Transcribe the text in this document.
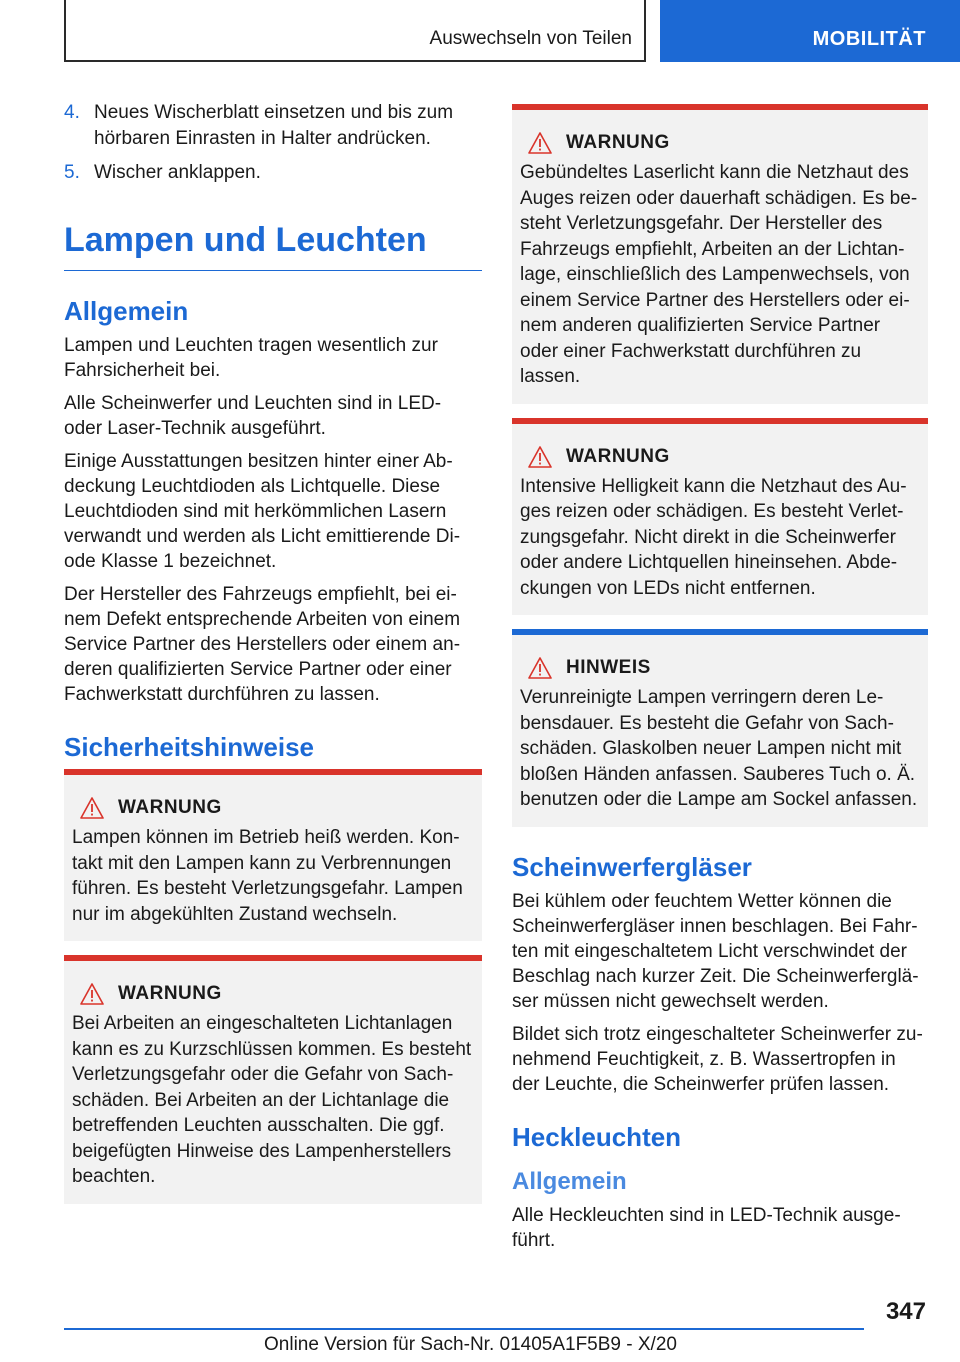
Auswechseln von Teilen	MOBILITÄT
4. Neues Wischerblatt einsetzen und bis zum hörbaren Einrasten in Halter andrücken.
5. Wischer anklappen.
Lampen und Leuchten
Allgemein

Lampen und Leuchten tragen wesentlich zur Fahrsicherheit bei.

Alle Scheinwerfer und Leuchten sind in LED- oder Laser-Technik ausgeführt.

Einige Ausstattungen besitzen hinter einer Abdeckung Leuchtdioden als Lichtquelle. Diese Leuchtdioden sind mit herkömmlichen Lasern verwandt und werden als Licht emittierende Diode Klasse 1 bezeichnet.

Der Hersteller des Fahrzeugs empfiehlt, bei einem Defekt entsprechende Arbeiten von einem Service Partner des Herstellers oder einem anderen qualifizierten Service Partner oder einer Fachwerkstatt durchführen zu lassen.

Sicherheitshinweise
WARNUNG

Lampen können im Betrieb heiß werden. Kontakt mit den Lampen kann zu Verbrennungen führen. Es besteht Verletzungsgefahr. Lampen nur im abgekühlten Zustand wechseln.

WARNUNG

Bei Arbeiten an eingeschalteten Lichtanlagen kann es zu Kurzschlüssen kommen. Es besteht Verletzungsgefahr oder die Gefahr von Sachschäden. Bei Arbeiten an der Lichtanlage die betreffenden Leuchten ausschalten. Die ggf. beigefügten Hinweise des Lampenherstellers beachten.

WARNUNG

Gebündeltes Laserlicht kann die Netzhaut des Auges reizen oder dauerhaft schädigen. Es besteht Verletzungsgefahr. Der Hersteller des Fahrzeugs empfiehlt, Arbeiten an der Lichtanlage, einschließlich des Lampenwechsels, von einem Service Partner des Herstellers oder einem anderen qualifizierten Service Partner oder einer Fachwerkstatt durchführen zu lassen.

WARNUNG

Intensive Helligkeit kann die Netzhaut des Auges reizen oder schädigen. Es besteht Verletzungsgefahr. Nicht direkt in die Scheinwerfer oder andere Lichtquellen hineinsehen. Abdeckungen von LEDs nicht entfernen.

HINWEIS

Verunreinigte Lampen verringern deren Lebensdauer. Es besteht die Gefahr von Sachschäden. Glaskolben neuer Lampen nicht mit bloßen Händen anfassen. Sauberes Tuch o. Ä. benutzen oder die Lampe am Sockel anfassen.

Scheinwerfergläser

Bei kühlem oder feuchtem Wetter können die Scheinwerfergläser innen beschlagen. Bei Fahrten mit eingeschaltetem Licht verschwindet der Beschlag nach kurzer Zeit. Die Scheinwerfergläser müssen nicht gewechselt werden.

Bildet sich trotz eingeschalteter Scheinwerfer zunehmend Feuchtigkeit, z. B. Wassertropfen in der Leuchte, die Scheinwerfer prüfen lassen.

Heckleuchten
Allgemein

Alle Heckleuchten sind in LED-Technik ausgeführt.

347
Online Version für Sach-Nr. 01405A1F5B9 - X/20
